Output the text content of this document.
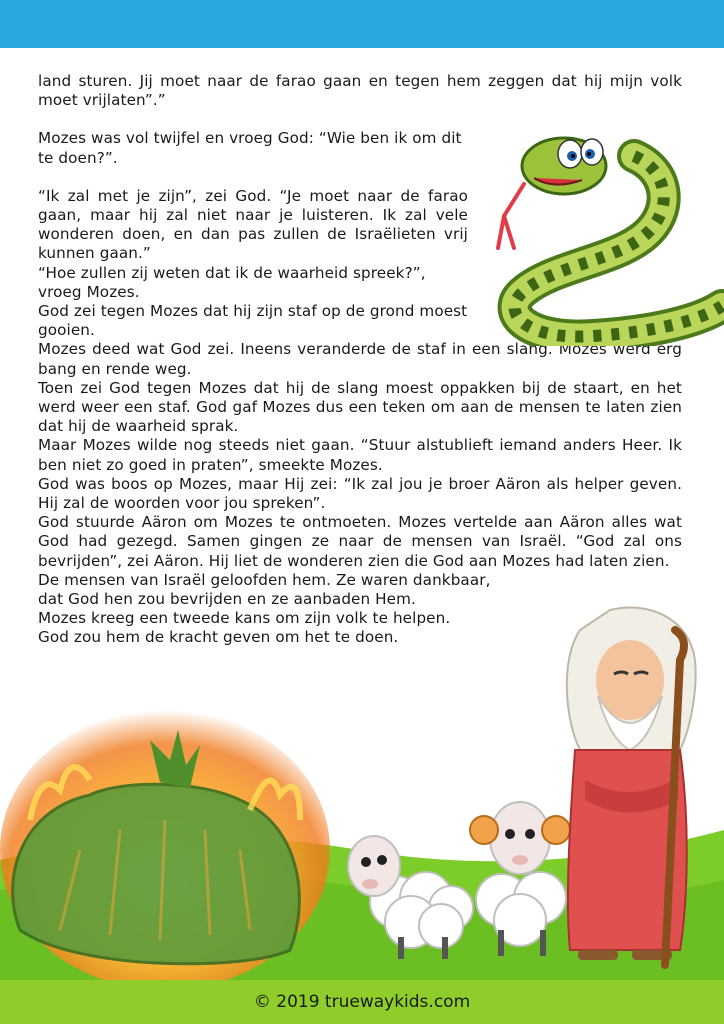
land sturen. Jij moet naar de farao gaan en tegen hem zeggen dat hij mijn volk moet vrijlaten”.”

Mozes was vol twijfel en vroeg God: “Wie ben ik om dit te doen?”.

“Ik zal met je zijn”, zei God. “Je moet naar de farao gaan, maar hij zal niet naar je luisteren. Ik zal vele wonderen doen, en dan pas zullen de Israëlieten vrij kunnen gaan.”

“Hoe zullen zij weten dat ik de waarheid spreek?”, vroeg Mozes.

God zei tegen Mozes dat hij zijn staf op de grond moest gooien.

Mozes deed wat God zei. Ineens veranderde de staf in een slang. Mozes werd erg bang en rende weg.

Toen zei God tegen Mozes dat hij de slang moest oppakken bij de staart, en het werd weer een staf. God gaf Mozes dus een teken om aan de mensen te laten zien dat hij de waarheid sprak.

Maar Mozes wilde nog steeds niet gaan. “Stuur alstublieft iemand anders Heer. Ik ben niet zo goed in praten”, smeekte Mozes.

God was boos op Mozes, maar Hij zei: “Ik zal jou je broer Aäron als helper geven. Hij zal de woorden voor jou spreken”.

God stuurde Aäron om Mozes te ontmoeten. Mozes vertelde aan Aäron alles wat God had gezegd. Samen gingen ze naar de mensen van Israël. “God zal ons bevrijden”, zei Aäron. Hij liet de wonderen zien die God aan Mozes had laten zien.

De mensen van Israël geloofden hem. Ze waren dankbaar,

dat God hen zou bevrijden en ze aanbaden Hem.

Mozes kreeg een tweede kans om zijn volk te helpen.

God zou hem de kracht geven om het te doen.

© 2019 truewaykids.com
